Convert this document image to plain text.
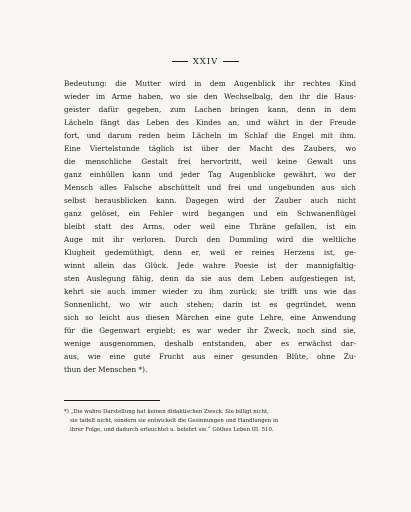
XXIV
Bedeutung: die Mutter wird in dem Augenblick ihr rechtes Kind
wieder im Arme haben, wo sie den Wechselbalg, den ihr die Haus-
geister dafür gegeben, zum Lachen bringen kann, denn in dem
Lächeln fängt das Leben des Kindes an, und währt in der Freude
fort, und darum reden beim Lächeln im Schlaf die Engel mit ihm.
Eine Viertelstunde täglich ist über der Macht des Zaubers, wo
die menschliche Gestalt frei hervortritt, weil keine Gewalt uns
ganz einhüllen kann und jeder Tag Augenblicke gewährt, wo der
Mensch alles Falsche abschüttelt und frei und ungebunden aus sich
selbst herausblicken kann. Dagegen wird der Zauber auch nicht
ganz gelöset, ein Fehler wird begangen und ein Schwanenflügel
bleibt statt des Arms, oder weil eine Thräne gefallen, ist ein
Auge mit ihr verloren. Durch den Dummling wird die weltliche
Klugheit gedemüthigt, denn er, weil er reines Herzens ist, ge-
winnt allein das Glück. Jede wahre Poesie ist der mannigfaltig-
sten Auslegung fähig, denn da sie aus dem Leben aufgestiegen ist,
kehrt sie auch immer wieder zu ihm zurück; sie trifft uns wie das
Sonnenlicht, wo wir auch stehen; darin ist es gegründet, wenn
sich so leicht aus diesen Märchen eine gute Lehre, eine Anwendung
für die Gegenwart ergiebt; es war weder ihr Zweck, noch sind sie,
wenige ausgenommen, deshalb entstanden, aber es erwächst dar-
aus, wie eine gute Frucht aus einer gesunden Blüte, ohne Zu-
thun der Menschen *).
*) „Die wahre Darstellung hat keinen didaktischen Zweck. Sie billigt nicht,
sie tadelt nicht, sondern sie entwickelt die Gesinnungen und Handlungen in
ihrer Folge, und dadurch erleuchtet u. belehrt sie.“ Göthes Leben III. 510.
